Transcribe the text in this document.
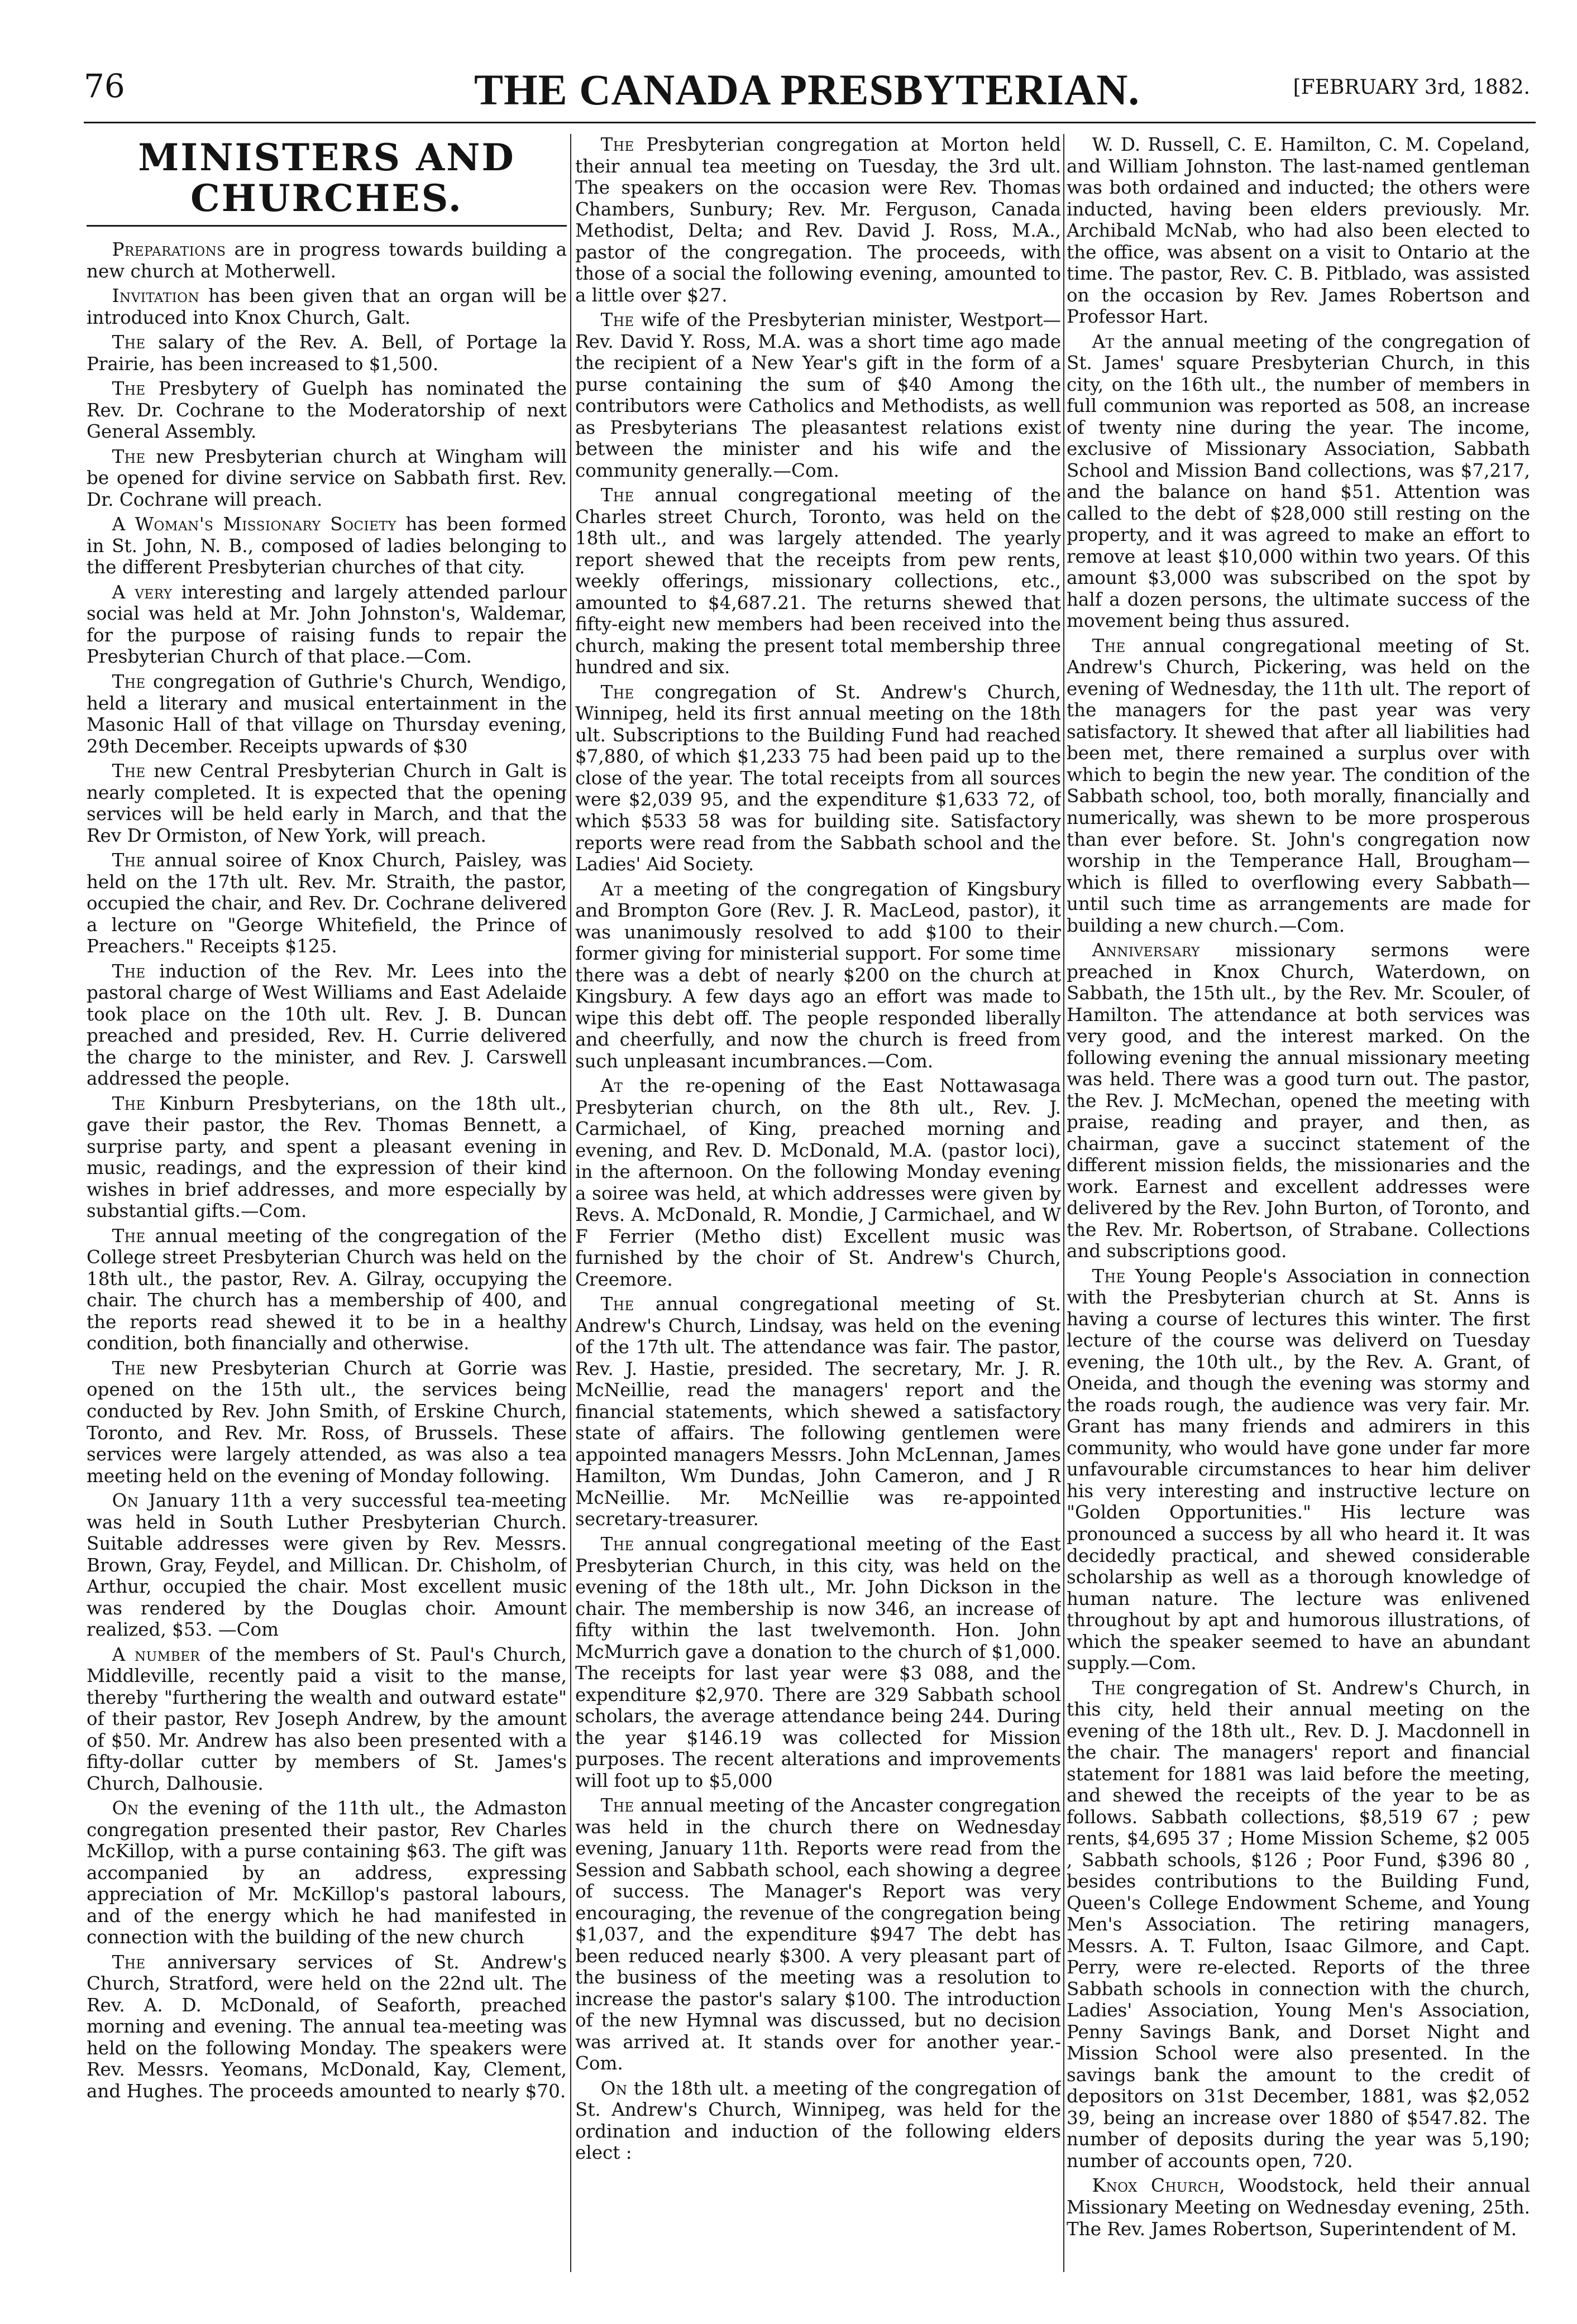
76	THE CANADA PRESBYTERIAN.	[FEBRUARY 3rd, 1882.
MINISTERS AND CHURCHES.

Preparations are in progress towards building a new church at Motherwell.

Invitation has been given that an organ will be introduced into Knox Church, Galt.

The salary of the Rev. A. Bell, of Portage la Prairie, has been increased to $1,500.

The Presbytery of Guelph has nominated the Rev. Dr. Cochrane to the Moderatorship of next General Assembly.

The new Presbyterian church at Wingham will be opened for divine service on Sabbath first. Rev. Dr. Cochrane will preach.

A Woman's Missionary Society has been formed in St. John, N. B., composed of ladies belonging to the different Presbyterian churches of that city.

A very interesting and largely attended parlour social was held at Mr. John Johnston's, Waldemar, for the purpose of raising funds to repair the Presbyterian Church of that place.—Com.

The congregation of Guthrie's Church, Wendigo, held a literary and musical entertainment in the Masonic Hall of that village on Thursday evening, 29th December. Receipts upwards of $30

The new Central Presbyterian Church in Galt is nearly completed. It is expected that the opening services will be held early in March, and that the Rev Dr Ormiston, of New York, will preach.

The annual soiree of Knox Church, Paisley, was held on the 17th ult. Rev. Mr. Straith, the pastor, occupied the chair, and Rev. Dr. Cochrane delivered a lecture on "George Whitefield, the Prince of Preachers." Receipts $125.

The induction of the Rev. Mr. Lees into the pastoral charge of West Williams and East Adelaide took place on the 10th ult. Rev. J. B. Duncan preached and presided, Rev. H. Currie delivered the charge to the minister, and Rev. J. Carswell addressed the people.

The Kinburn Presbyterians, on the 18th ult., gave their pastor, the Rev. Thomas Bennett, a surprise party, and spent a pleasant evening in music, readings, and the expression of their kind wishes in brief addresses, and more especially by substantial gifts.—Com.

The annual meeting of the congregation of the College street Presbyterian Church was held on the 18th ult., the pastor, Rev. A. Gilray, occupying the chair. The church has a membership of 400, and the reports read shewed it to be in a healthy condition, both financially and otherwise.

The new Presbyterian Church at Gorrie was opened on the 15th ult., the services being conducted by Rev. John Smith, of Erskine Church, Toronto, and Rev. Mr. Ross, of Brussels. These services were largely attended, as was also a tea meeting held on the evening of Monday following.

On January 11th a very successful tea-meeting was held in South Luther Presbyterian Church. Suitable addresses were given by Rev. Messrs. Brown, Gray, Feydel, and Millican. Dr. Chisholm, of Arthur, occupied the chair. Most excellent music was rendered by the Douglas choir. Amount realized, $53. —Com

A number of the members of St. Paul's Church, Middleville, recently paid a visit to the manse, thereby "furthering the wealth and outward estate" of their pastor, Rev Joseph Andrew, by the amount of $50. Mr. Andrew has also been presented with a fifty-dollar cutter by members of St. James's Church, Dalhousie.

On the evening of the 11th ult., the Admaston congregation presented their pastor, Rev Charles McKillop, with a purse containing $63. The gift was accompanied by an address, expressing appreciation of Mr. McKillop's pastoral labours, and of the energy which he had manifested in connection with the building of the new church

The anniversary services of St. Andrew's Church, Stratford, were held on the 22nd ult. The Rev. A. D. McDonald, of Seaforth, preached morning and evening. The annual tea-meeting was held on the following Monday. The speakers were Rev. Messrs. Yeomans, McDonald, Kay, Clement, and Hughes. The proceeds amounted to nearly $70.

The Presbyterian congregation at Morton held their annual tea meeting on Tuesday, the 3rd ult. The speakers on the occasion were Rev. Thomas Chambers, Sunbury; Rev. Mr. Ferguson, Canada Methodist, Delta; and Rev. David J. Ross, M.A., pastor of the congregation. The proceeds, with those of a social the following evening, amounted to a little over $27.

The wife of the Presbyterian minister, Westport—Rev. David Y. Ross, M.A. was a short time ago made the recipient of a New Year's gift in the form of a purse containing the sum of $40 Among the contributors were Catholics and Methodists, as well as Presbyterians The pleasantest relations exist between the minister and his wife and the community generally.—Com.

The annual congregational meeting of the Charles street Church, Toronto, was held on the 18th ult., and was largely attended. The yearly report shewed that the receipts from pew rents, weekly offerings, missionary collections, etc., amounted to $4,687.21. The returns shewed that fifty-eight new members had been received into the church, making the present total membership three hundred and six.

The congregation of St. Andrew's Church, Winnipeg, held its first annual meeting on the 18th ult. Subscriptions to the Building Fund had reached $7,880, of which $1,233 75 had been paid up to the close of the year. The total receipts from all sources were $2,039 95, and the expenditure $1,633 72, of which $533 58 was for building site. Satisfactory reports were read from the Sabbath school and the Ladies' Aid Society.

At a meeting of the congregation of Kingsbury and Brompton Gore (Rev. J. R. MacLeod, pastor), it was unanimously resolved to add $100 to their former giving for ministerial support. For some time there was a debt of nearly $200 on the church at Kingsbury. A few days ago an effort was made to wipe this debt off. The people responded liberally and cheerfully, and now the church is freed from such unpleasant incumbrances.—Com.

At the re-opening of the East Nottawasaga Presbyterian church, on the 8th ult., Rev. J. Carmichael, of King, preached morning and evening, and Rev. D. McDonald, M.A. (pastor loci), in the afternoon. On the following Monday evening a soiree was held, at which addresses were given by Revs. A. McDonald, R. Mondie, J Carmichael, and W F Ferrier (Metho dist) Excellent music was furnished by the choir of St. Andrew's Church, Creemore.

The annual congregational meeting of St. Andrew's Church, Lindsay, was held on the evening of the 17th ult. The attendance was fair. The pastor, Rev. J. Hastie, presided. The secretary, Mr. J. R. McNeillie, read the managers' report and the financial statements, which shewed a satisfactory state of affairs. The following gentlemen were appointed managers Messrs. John McLennan, James Hamilton, Wm Dundas, John Cameron, and J R McNeillie. Mr. McNeillie was re-appointed secretary-treasurer.

The annual congregational meeting of the East Presbyterian Church, in this city, was held on the evening of the 18th ult., Mr. John Dickson in the chair. The membership is now 346, an increase of fifty within the last twelvemonth. Hon. John McMurrich gave a donation to the church of $1,000. The receipts for last year were $3 088, and the expenditure $2,970. There are 329 Sabbath school scholars, the average attendance being 244. During the year $146.19 was collected for Mission purposes. The recent alterations and improvements will foot up to $5,000

The annual meeting of the Ancaster congregation was held in the church there on Wednesday evening, January 11th. Reports were read from the Session and Sabbath school, each showing a degree of success. The Manager's Report was very encouraging, the revenue of the congregation being $1,037, and the expenditure $947 The debt has been reduced nearly $300. A very pleasant part of the business of the meeting was a resolution to increase the pastor's salary $100. The introduction of the new Hymnal was discussed, but no decision was arrived at. It stands over for another year.- Com.

On the 18th ult. a meeting of the congregation of St. Andrew's Church, Winnipeg, was held for the ordination and induction of the following elders elect :

W. D. Russell, C. E. Hamilton, C. M. Copeland, and William Johnston. The last-named gentleman was both ordained and inducted; the others were inducted, having been elders previously. Mr. Archibald McNab, who had also been elected to the office, was absent on a visit to Ontario at the time. The pastor, Rev. C. B. Pitblado, was assisted on the occasion by Rev. James Robertson and Professor Hart.

At the annual meeting of the congregation of St. James' square Presbyterian Church, in this city, on the 16th ult., the number of members in full communion was reported as 508, an increase of twenty nine during the year. The income, exclusive of Missionary Association, Sabbath School and Mission Band collections, was $7,217, and the balance on hand $51. Attention was called to the debt of $28,000 still resting on the property, and it was agreed to make an effort to remove at least $10,000 within two years. Of this amount $3,000 was subscribed on the spot by half a dozen persons, the ultimate success of the movement being thus assured.

The annual congregational meeting of St. Andrew's Church, Pickering, was held on the evening of Wednesday, the 11th ult. The report of the managers for the past year was very satisfactory. It shewed that after all liabilities had been met, there remained a surplus over with which to begin the new year. The condition of the Sabbath school, too, both morally, financially and numerically, was shewn to be more prosperous than ever before. St. John's congregation now worship in the Temperance Hall, Brougham—which is filled to overflowing every Sabbath—until such time as arrangements are made for building a new church.—Com.

Anniversary missionary sermons were preached in Knox Church, Waterdown, on Sabbath, the 15th ult., by the Rev. Mr. Scouler, of Hamilton. The attendance at both services was very good, and the interest marked. On the following evening the annual missionary meeting was held. There was a good turn out. The pastor, the Rev. J. McMechan, opened the meeting with praise, reading and prayer, and then, as chairman, gave a succinct statement of the different mission fields, the missionaries and the work. Earnest and excellent addresses were delivered by the Rev. John Burton, of Toronto, and the Rev. Mr. Robertson, of Strabane. Collections and subscriptions good.

The Young People's Association in connection with the Presbyterian church at St. Anns is having a course of lectures this winter. The first lecture of the course was deliverd on Tuesday evening, the 10th ult., by the Rev. A. Grant, of Oneida, and though the evening was stormy and the roads rough, the audience was very fair. Mr. Grant has many friends and admirers in this community, who would have gone under far more unfavourable circumstances to hear him deliver his very interesting and instructive lecture on "Golden Opportunities." His lecture was pronounced a success by all who heard it. It was decidedly practical, and shewed considerable scholarship as well as a thorough knowledge of human nature. The lecture was enlivened throughout by apt and humorous illustrations, of which the speaker seemed to have an abundant supply.—Com.

The congregation of St. Andrew's Church, in this city, held their annual meeting on the evening of the 18th ult., Rev. D. J. Macdonnell in the chair. The managers' report and financial statement for 1881 was laid before the meeting, and shewed the receipts of the year to be as follows. Sabbath collections, $8,519 67 ; pew rents, $4,695 37 ; Home Mission Scheme, $2 005 , Sabbath schools, $126 ; Poor Fund, $396 80 , besides contributions to the Building Fund, Queen's College Endowment Scheme, and Young Men's Association. The retiring managers, Messrs. A. T. Fulton, Isaac Gilmore, and Capt. Perry, were re-elected. Reports of the three Sabbath schools in connection with the church, Ladies' Association, Young Men's Association, Penny Savings Bank, and Dorset Night and Mission School were also presented. In the savings bank the amount to the credit of depositors on 31st December, 1881, was $2,052 39, being an increase over 1880 of $547.82. The number of deposits during the year was 5,190; number of accounts open, 720.

Knox Church, Woodstock, held their annual Missionary Meeting on Wednesday evening, 25th. The Rev. James Robertson, Superintendent of M.
